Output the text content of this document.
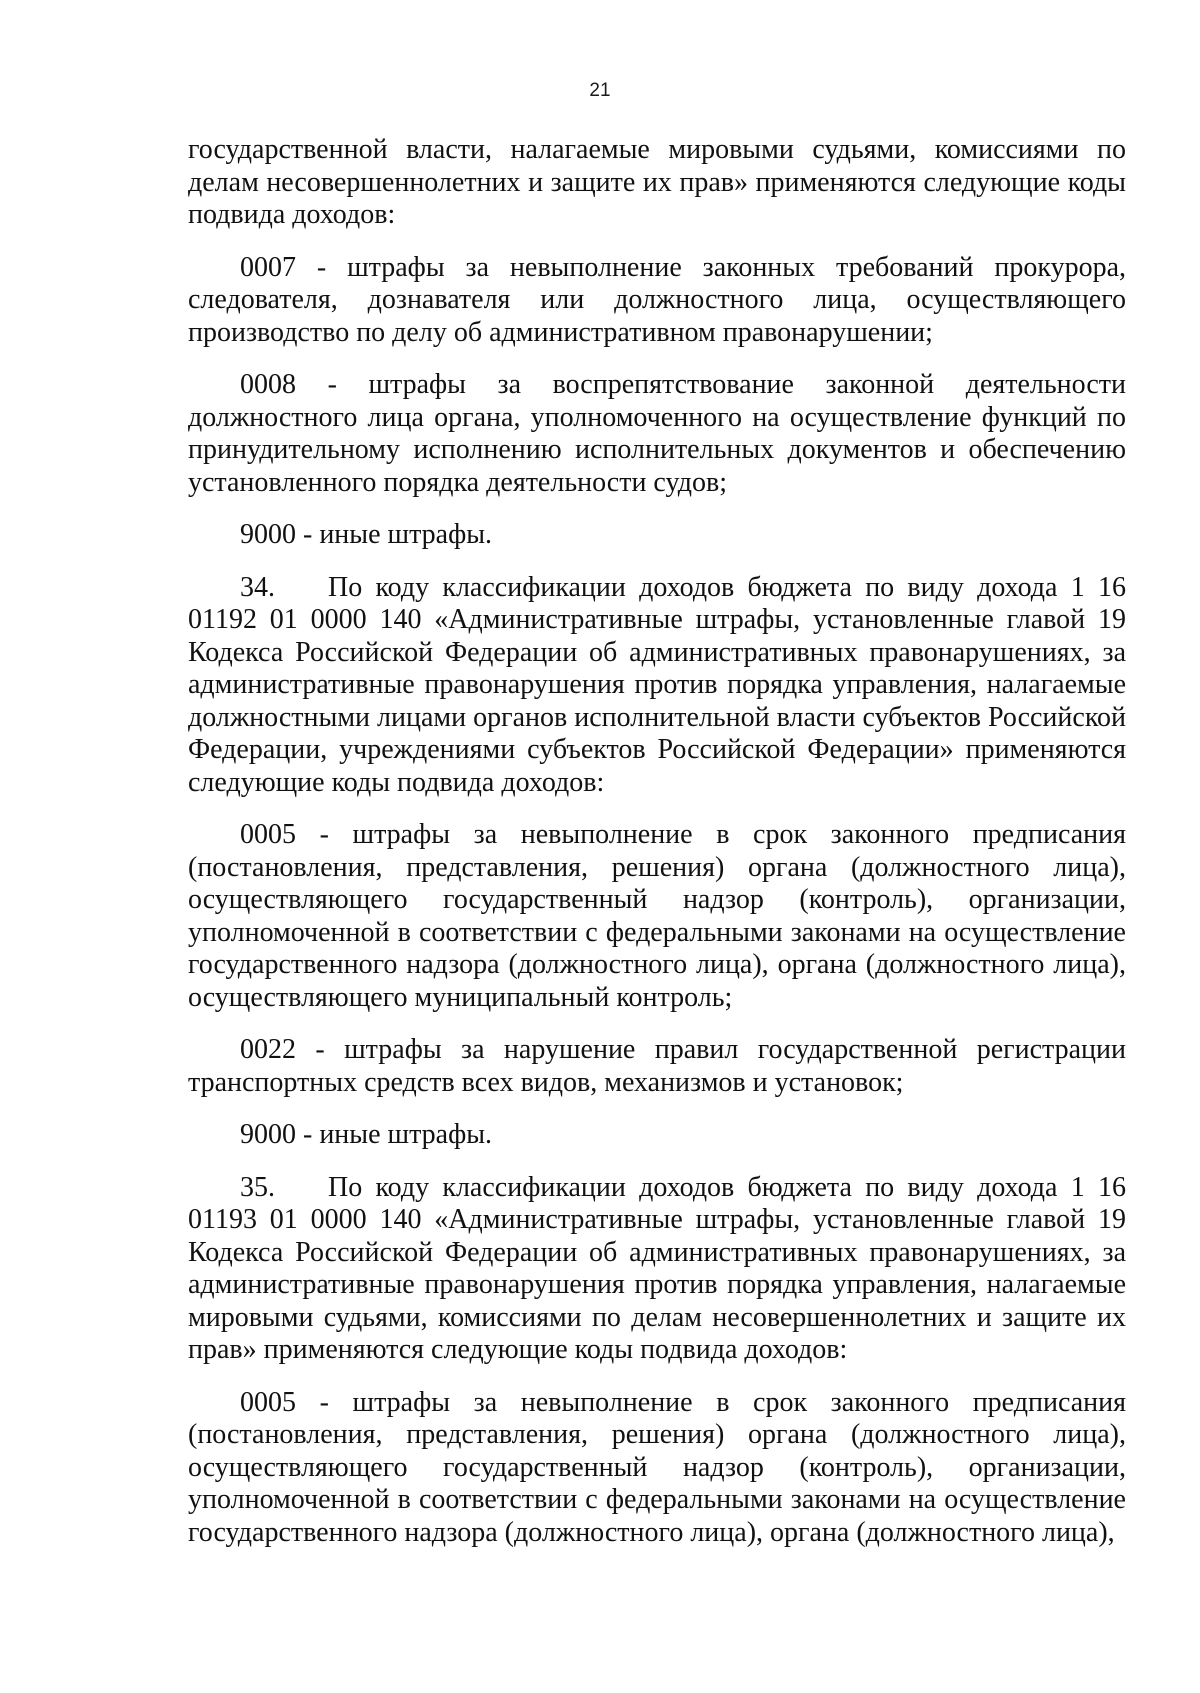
21

государственной власти, налагаемые мировыми судьями, комиссиями по делам несовершеннолетних и защите их прав» применяются следующие коды подвида доходов:

0007 - штрафы за невыполнение законных требований прокурора, следователя, дознавателя или должностного лица, осуществляющего производство по делу об административном правонарушении;

0008 - штрафы за воспрепятствование законной деятельности должностного лица органа, уполномоченного на осуществление функций по принудительному исполнению исполнительных документов и обеспечению установленного порядка деятельности судов;

9000 - иные штрафы.

34. По коду классификации доходов бюджета по виду дохода 1 16 01192 01 0000 140 «Административные штрафы, установленные главой 19 Кодекса Российской Федерации об административных правонарушениях, за административные правонарушения против порядка управления, налагаемые должностными лицами органов исполнительной власти субъектов Российской Федерации, учреждениями субъектов Российской Федерации» применяются следующие коды подвида доходов:

0005 - штрафы за невыполнение в срок законного предписания (постановления, представления, решения) органа (должностного лица), осуществляющего государственный надзор (контроль), организации, уполномоченной в соответствии с федеральными законами на осуществление государственного надзора (должностного лица), органа (должностного лица), осуществляющего муниципальный контроль;

0022 - штрафы за нарушение правил государственной регистрации транспортных средств всех видов, механизмов и установок;

9000 - иные штрафы.

35. По коду классификации доходов бюджета по виду дохода 1 16 01193 01 0000 140 «Административные штрафы, установленные главой 19 Кодекса Российской Федерации об административных правонарушениях, за административные правонарушения против порядка управления, налагаемые мировыми судьями, комиссиями по делам несовершеннолетних и защите их прав» применяются следующие коды подвида доходов:

0005 - штрафы за невыполнение в срок законного предписания (постановления, представления, решения) органа (должностного лица), осуществляющего государственный надзор (контроль), организации, уполномоченной в соответствии с федеральными законами на осуществление государственного надзора (должностного лица), органа (должностного лица),
